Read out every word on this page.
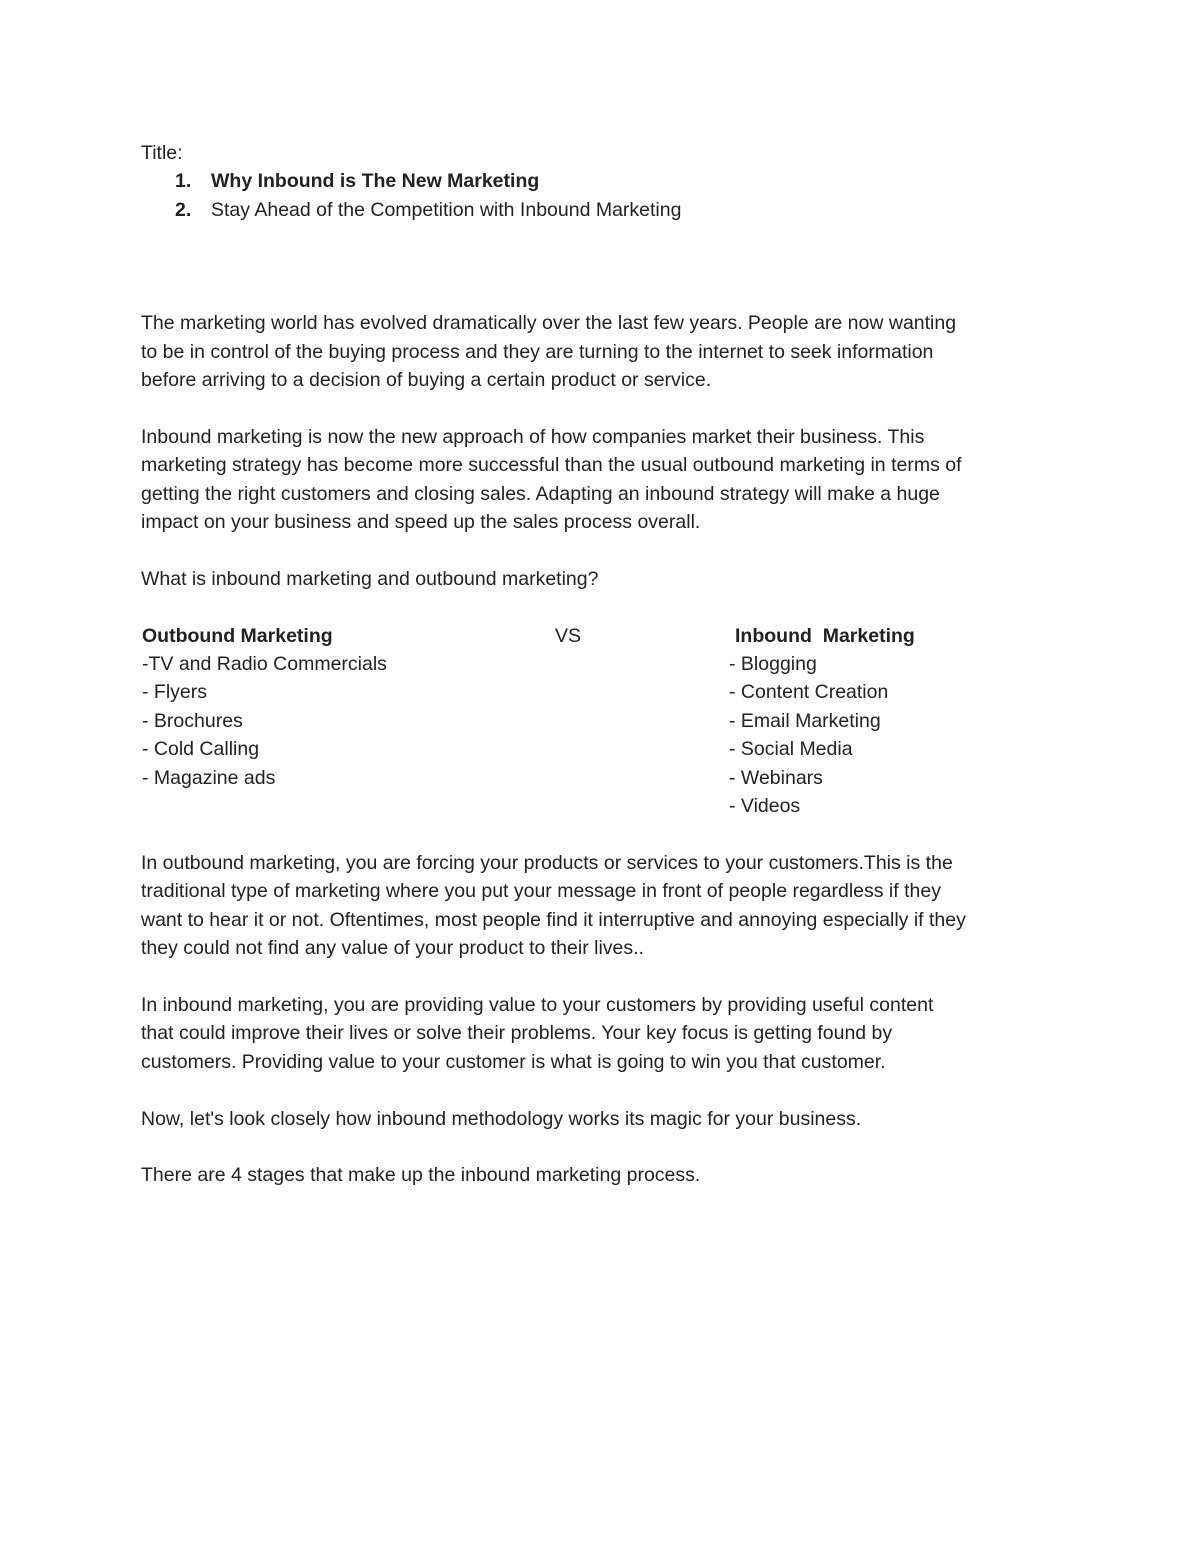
Title:

1. Why Inbound is The New Marketing
2. Stay Ahead of the Competition with Inbound Marketing

The marketing world has evolved dramatically over the last few years. People are now wanting
to be in control of the buying process and they are turning to the internet to seek information
before arriving to a decision of buying a certain product or service.

Inbound marketing is now the new approach of how companies market their business. This
marketing strategy has become more successful than the usual outbound marketing in terms of
getting the right customers and closing sales. Adapting an inbound strategy will make a huge
impact on your business and speed up the sales process overall.

What is inbound marketing and outbound marketing?

Outbound Marketing
-TV and Radio Commercials
- Flyers
- Brochures
- Cold Calling
- Magazine ads
VS	Inbound  Marketing
- Blogging
- Content Creation
- Email Marketing
- Social Media
- Webinars
- Videos

In outbound marketing, you are forcing your products or services to your customers.This is the
traditional type of marketing where you put your message in front of people regardless if they
want to hear it or not. Oftentimes, most people find it interruptive and annoying especially if they
they could not find any value of your product to their lives..

In inbound marketing, you are providing value to your customers by providing useful content
that could improve their lives or solve their problems. Your key focus is getting found by
customers. Providing value to your customer is what is going to win you that customer.

Now, let's look closely how inbound methodology works its magic for your business.

There are 4 stages that make up the inbound marketing process.
